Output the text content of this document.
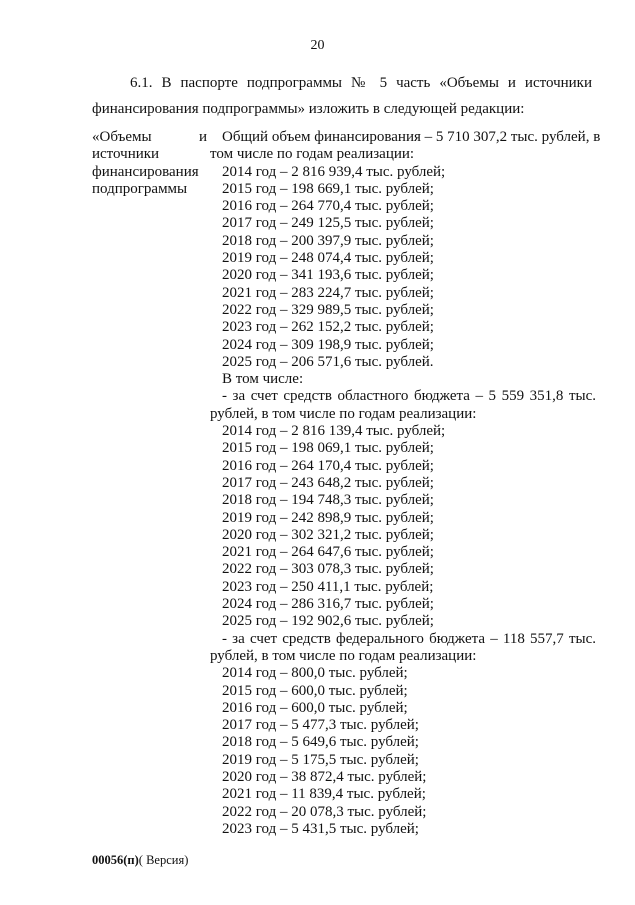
20
6.1. В паспорте подпрограммы № 5 часть «Объемы и источники финансирования подпрограммы» изложить в следующей редакции:
«Объемы	и
источники
финансирования
подпрограммы
Общий объем финансирования – 5 710 307,2 тыс. рублей, в
том числе по годам реализации:
2014 год – 2 816 939,4 тыс. рублей;
2015 год – 198 669,1 тыс. рублей;
2016 год – 264 770,4 тыс. рублей;
2017 год – 249 125,5 тыс. рублей;
2018 год – 200 397,9 тыс. рублей;
2019 год – 248 074,4 тыс. рублей;
2020 год – 341 193,6 тыс. рублей;
2021 год – 283 224,7 тыс. рублей;
2022 год – 329 989,5 тыс. рублей;
2023 год – 262 152,2 тыс. рублей;
2024 год – 309 198,9 тыс. рублей;
2025 год – 206 571,6 тыс. рублей.
В том числе:
- за счет средств областного бюджета – 5 559 351,8 тыс.
рублей, в том числе по годам реализации:
2014 год – 2 816 139,4 тыс. рублей;
2015 год – 198 069,1 тыс. рублей;
2016 год – 264 170,4 тыс. рублей;
2017 год – 243 648,2 тыс. рублей;
2018 год – 194 748,3 тыс. рублей;
2019 год – 242 898,9 тыс. рублей;
2020 год – 302 321,2 тыс. рублей;
2021 год – 264 647,6 тыс. рублей;
2022 год – 303 078,3 тыс. рублей;
2023 год – 250 411,1 тыс. рублей;
2024 год – 286 316,7 тыс. рублей;
2025 год – 192 902,6 тыс. рублей;
- за счет средств федерального бюджета – 118 557,7 тыс.
рублей, в том числе по годам реализации:
2014 год – 800,0 тыс. рублей;
2015 год – 600,0 тыс. рублей;
2016 год – 600,0 тыс. рублей;
2017 год – 5 477,3 тыс. рублей;
2018 год – 5 649,6 тыс. рублей;
2019 год – 5 175,5 тыс. рублей;
2020 год – 38 872,4 тыс. рублей;
2021 год – 11 839,4 тыс. рублей;
2022 год – 20 078,3 тыс. рублей;
2023 год – 5 431,5 тыс. рублей;
00056(п)( Версия)
